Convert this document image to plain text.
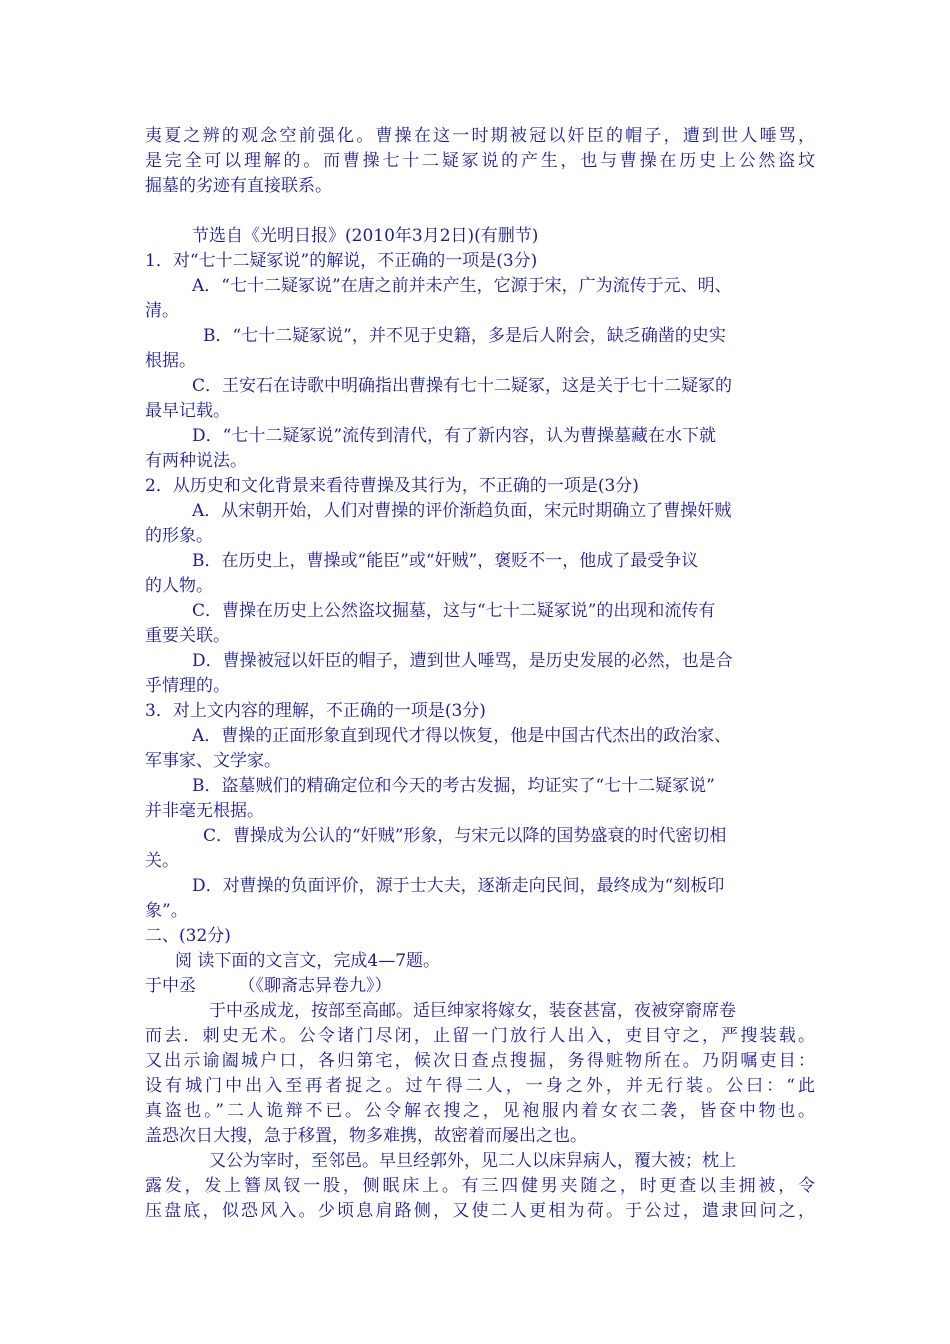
夷夏之辨的观念空前强化。曹操在这一时期被冠以奸臣的帽子，遭到世人唾骂，
是完全可以理解的。而曹操七十二疑冢说的产生，也与曹操在历史上公然盗坟
掘墓的劣迹有直接联系。
节选自《光明日报》(2010年3月2日)(有删节)
1．对“七十二疑冢说”的解说，不正确的一项是(3分)
A．“七十二疑冢说”在唐之前并未产生，它源于宋，广为流传于元、明、
清。
B．“七十二疑冢说”，并不见于史籍，多是后人附会，缺乏确凿的史实
根据。
C．王安石在诗歌中明确指出曹操有七十二疑冢，这是关于七十二疑冢的
最早记载。
D．“七十二疑冢说”流传到清代，有了新内容，认为曹操墓藏在水下就
有两种说法。
2．从历史和文化背景来看待曹操及其行为，不正确的一项是(3分)
A．从宋朝开始，人们对曹操的评价渐趋负面，宋元时期确立了曹操奸贼
的形象。
B．在历史上，曹操或“能臣”或“奸贼”，褒贬不一，他成了最受争议
的人物。
C．曹操在历史上公然盗坟掘墓，这与“七十二疑冢说”的出现和流传有
重要关联。
D．曹操被冠以奸臣的帽子，遭到世人唾骂，是历史发展的必然，也是合
乎情理的。
3．对上文内容的理解，不正确的一项是(3分)
A．曹操的正面形象直到现代才得以恢复，他是中国古代杰出的政治家、
军事家、文学家。
B．盗墓贼们的精确定位和今天的考古发掘，均证实了“七十二疑冢说”
并非毫无根据。
C．曹操成为公认的“奸贼”形象，与宋元以降的国势盛衰的时代密切相
关。
D．对曹操的负面评价，源于士大夫，逐渐走向民间，最终成为“刻板印
象”。
二、(32分)
阅 读下面的文言文，完成4—7题。
于中丞　　　（《聊斋志异卷九》）
于中丞成龙，按部至高邮。适巨绅家将嫁女，装奁甚富，夜被穿窬席卷
而去．刺史无术。公令诸门尽闭，止留一门放行人出入，吏目守之，严搜装载。
又出示谕阖城户口，各归第宅，候次日查点搜掘，务得赃物所在。乃阴嘱吏目：
设有城门中出入至再者捉之。过午得二人，一身之外，并无行装。公曰：“此
真盗也。”二人诡辩不已。公令解衣搜之，见袍服内着女衣二袭，皆奁中物也。
盖恐次日大搜，急于移置，物多难携，故密着而屡出之也。
又公为宰时，至邻邑。早旦经郭外，见二人以床舁病人，覆大被；枕上
露发，发上簪凤钗一股，侧眠床上。有三四健男夹随之，时更查以圭拥被，令
压盘底，似恐风入。少顷息肩路侧，又使二人更相为荷。于公过，遣隶回问之，
